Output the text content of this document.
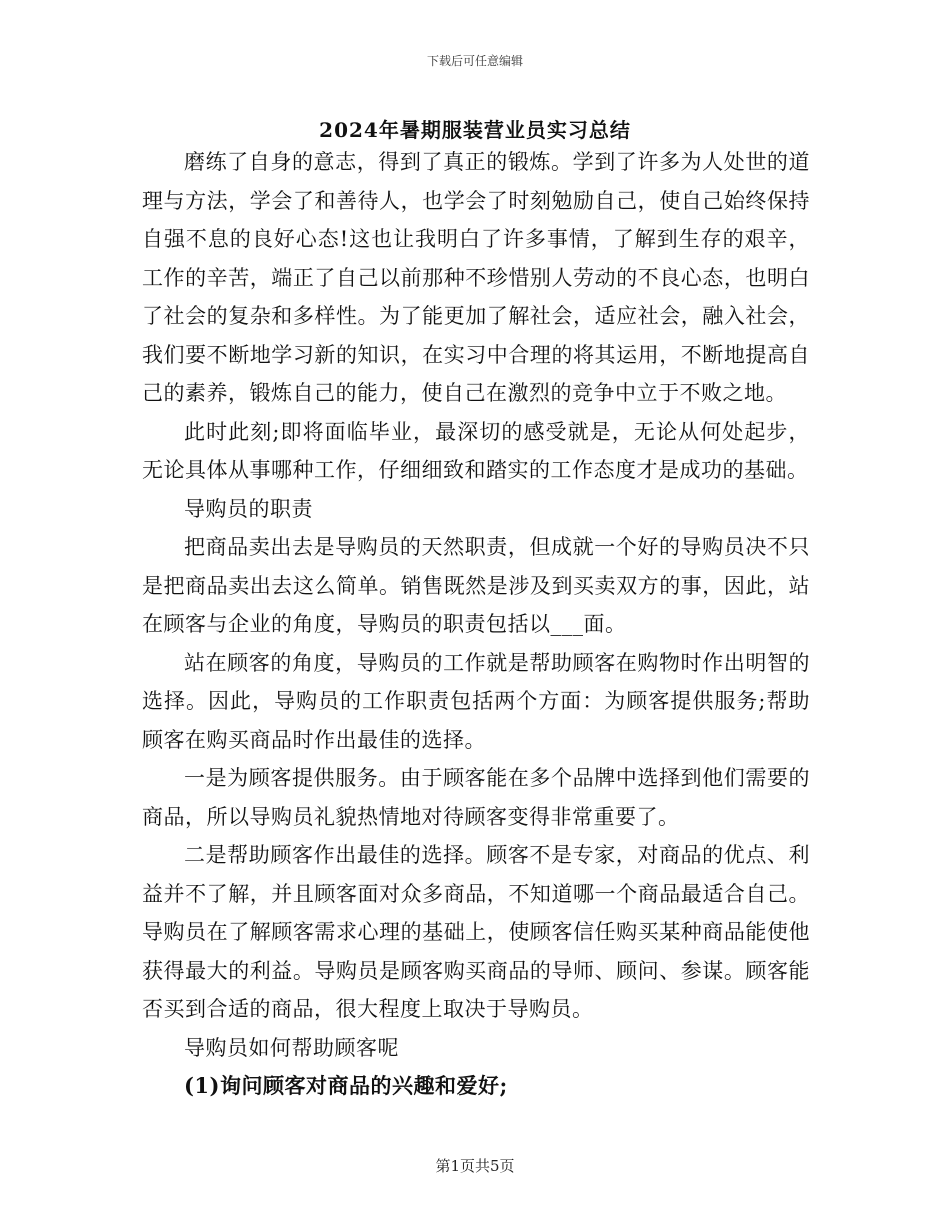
下载后可任意编辑
2024年暑期服装营业员实习总结

磨练了自身的意志，得到了真正的锻炼。学到了许多为人处世的道理与方法，学会了和善待人，也学会了时刻勉励自己，使自己始终保持自强不息的良好心态!这也让我明白了许多事情，了解到生存的艰辛，工作的辛苦，端正了自己以前那种不珍惜别人劳动的不良心态，也明白了社会的复杂和多样性。为了能更加了解社会，适应社会，融入社会，我们要不断地学习新的知识，在实习中合理的将其运用，不断地提高自己的素养，锻炼自己的能力，使自己在激烈的竞争中立于不败之地。

此时此刻;即将面临毕业，最深切的感受就是，无论从何处起步，无论具体从事哪种工作，仔细细致和踏实的工作态度才是成功的基础。

导购员的职责

把商品卖出去是导购员的天然职责，但成就一个好的导购员决不只是把商品卖出去这么简单。销售既然是涉及到买卖双方的事，因此，站在顾客与企业的角度，导购员的职责包括以___面。

站在顾客的角度，导购员的工作就是帮助顾客在购物时作出明智的选择。因此，导购员的工作职责包括两个方面：为顾客提供服务;帮助顾客在购买商品时作出最佳的选择。

一是为顾客提供服务。由于顾客能在多个品牌中选择到他们需要的商品，所以导购员礼貌热情地对待顾客变得非常重要了。

二是帮助顾客作出最佳的选择。顾客不是专家，对商品的优点、利益并不了解，并且顾客面对众多商品，不知道哪一个商品最适合自己。导购员在了解顾客需求心理的基础上，使顾客信任购买某种商品能使他获得最大的利益。导购员是顾客购买商品的导师、顾问、参谋。顾客能否买到合适的商品，很大程度上取决于导购员。

导购员如何帮助顾客呢

(1)询问顾客对商品的兴趣和爱好;

第1页共5页
